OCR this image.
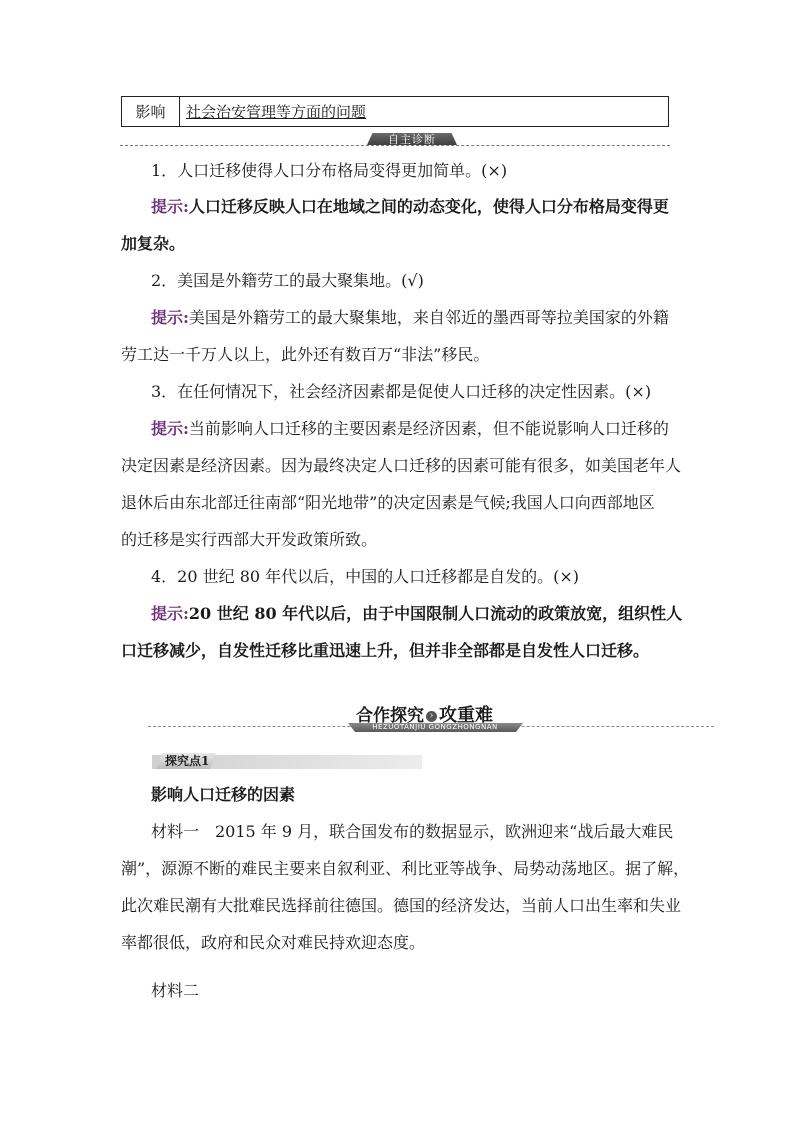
影响	社会治安管理等方面的问题
自主诊断
1．人口迁移使得人口分布格局变得更加简单。(×)
提示:人口迁移反映人口在地域之间的动态变化，使得人口分布格局变得更
加复杂。
2．美国是外籍劳工的最大聚集地。(√)
提示:美国是外籍劳工的最大聚集地，来自邻近的墨西哥等拉美国家的外籍
劳工达一千万人以上，此外还有数百万“非法”移民。
3．在任何情况下，社会经济因素都是促使人口迁移的决定性因素。(×)
提示:当前影响人口迁移的主要因素是经济因素，但不能说影响人口迁移的
决定因素是经济因素。因为最终决定人口迁移的因素可能有很多，如美国老年人
退休后由东北部迁往南部“阳光地带”的决定因素是气候;我国人口向西部地区
的迁移是实行西部大开发政策所致。
4．20 世纪 80 年代以后，中国的人口迁移都是自发的。(×)
提示:20 世纪 80 年代以后，由于中国限制人口流动的政策放宽，组织性人
口迁移减少，自发性迁移比重迅速上升，但并非全部都是自发性人口迁移。
HEZUOTANJIU GONGZHONGNAN
合作探究 › 攻重难
探究点1
影响人口迁移的因素
材料一　2015 年 9 月，联合国发布的数据显示，欧洲迎来“战后最大难民
潮”，源源不断的难民主要来自叙利亚、利比亚等战争、局势动荡地区。据了解，
此次难民潮有大批难民选择前往德国。德国的经济发达，当前人口出生率和失业
率都很低，政府和民众对难民持欢迎态度。
材料二
